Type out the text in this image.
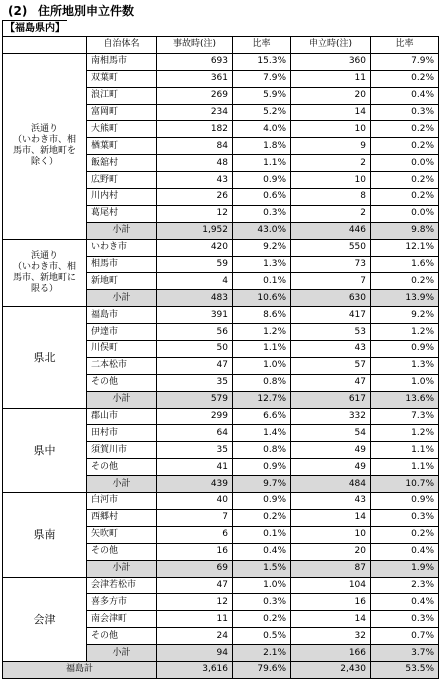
(2) 住所地別申立件数
【福島県内】
	自治体名	事故時(注)	比率	申立時(注)	比率

浜通り
（いわき市、相
馬市、新地町を
除く）	南相馬市	693	15.3%	360	7.9%
	双葉町	361	7.9%	11	0.2%
	浪江町	269	5.9%	20	0.4%
	富岡町	234	5.2%	14	0.3%
	大熊町	182	4.0%	10	0.2%
	楢葉町	84	1.8%	9	0.2%
	飯舘村	48	1.1%	2	0.0%
	広野町	43	0.9%	10	0.2%
	川内村	26	0.6%	8	0.2%
	葛尾村	12	0.3%	2	0.0%
	小計	1,952	43.0%	446	9.8%

浜通り
（いわき市、相
馬市、新地町に
限る）	いわき市	420	9.2%	550	12.1%
	相馬市	59	1.3%	73	1.6%
	新地町	4	0.1%	7	0.2%
	小計	483	10.6%	630	13.9%

県北	福島市	391	8.6%	417	9.2%
	伊達市	56	1.2%	53	1.2%
	川俣町	50	1.1%	43	0.9%
	二本松市	47	1.0%	57	1.3%
	その他	35	0.8%	47	1.0%
	小計	579	12.7%	617	13.6%

県中	郡山市	299	6.6%	332	7.3%
	田村市	64	1.4%	54	1.2%
	須賀川市	35	0.8%	49	1.1%
	その他	41	0.9%	49	1.1%
	小計	439	9.7%	484	10.7%

県南	白河市	40	0.9%	43	0.9%
	西郷村	7	0.2%	14	0.3%
	矢吹町	6	0.1%	10	0.2%
	その他	16	0.4%	20	0.4%
	小計	69	1.5%	87	1.9%

会津	会津若松市	47	1.0%	104	2.3%
	喜多方市	12	0.3%	16	0.4%
	南会津町	11	0.2%	14	0.3%
	その他	24	0.5%	32	0.7%
	小計	94	2.1%	166	3.7%
福島計		3,616	79.6%	2,430	53.5%
